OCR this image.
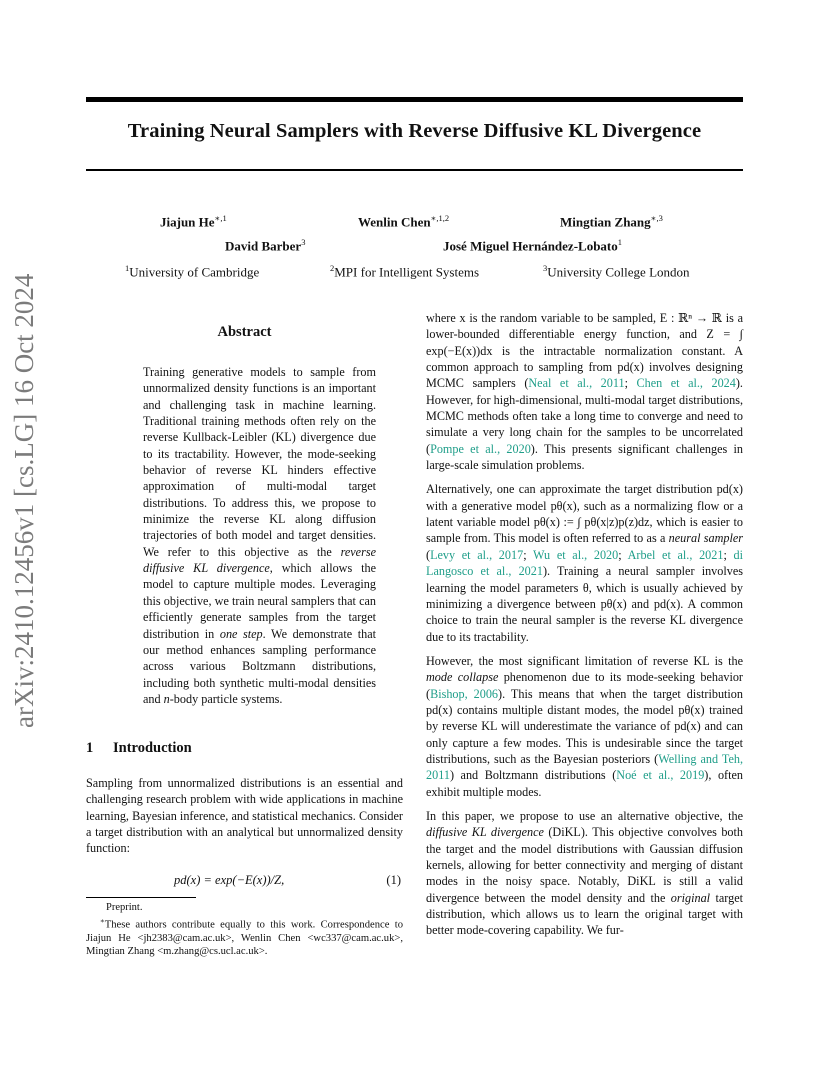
Training Neural Samplers with Reverse Diffusive KL Divergence
Jiajun $He^{∗,1}$	Wenlin Chen$^{∗,1,2}$	Mingtian Zhang$^{∗,3}$
David Barber$^3$	José Miguel Hernández-Lobato$^1$
$^1$University of Cambridge	$^2$MPI for Intelligent Systems	$^3$University College London
arXiv:2410.12456v1 [cs.LG] 16 Oct 2024	Abstract

Training generative models to sample from unnormalized density functions is an important and challenging task in machine learning. Traditional training methods often rely on the reverse Kullback-Leibler (KL) divergence due to its tractability. However, the mode-seeking behavior of reverse KL hinders effective approximation of multi-modal target distributions. To address this, we propose to minimize the reverse KL along diffusion trajectories of both model and target densities. We refer to this objective as the reverse diffusive KL divergence, which allows the model to capture multiple modes. Leveraging this objective, we train neural samplers that can efficiently generate samples from the target distribution in one step. We demonstrate that our method enhances sampling performance across various Boltzmann distributions, including both synthetic multi-modal densities and n-body particle systems.

1 Introduction

Sampling from unnormalized distributions is an essential and challenging research problem with wide applications in machine learning, Bayesian inference, and statistical mechanics. Consider a target distribution with an analytical but unnormalized density function:

pd(x) = exp(−E(x))/Z,	(1)
Preprint.

∗These authors contribute equally to this work. Correspondence to Jiajun He <jh2383@cam.ac.uk>, Wenlin Chen <wc337@cam.ac.uk>, Mingtian Zhang <m.zhang@cs.ucl.ac.uk>.

where x is the random variable to be sampled, E : ℝⁿ → ℝ is a lower-bounded differentiable energy function, and Z = ∫ exp(−E(x))dx is the intractable normalization constant. A common approach to sampling from pd(x) involves designing MCMC samplers (Neal et al., 2011; Chen et al., 2024). However, for high-dimensional, multi-modal target distributions, MCMC methods often take a long time to converge and need to simulate a very long chain for the samples to be uncorrelated (Pompe et al., 2020). This presents significant challenges in large-scale simulation problems.

Alternatively, one can approximate the target distribution pd(x) with a generative model pθ(x), such as a normalizing flow or a latent variable model pθ(x) := ∫ pθ(x|z)p(z)dz, which is easier to sample from. This model is often referred to as a neural sampler (Levy et al., 2017; Wu et al., 2020; Arbel et al., 2021; di Langosco et al., 2021). Training a neural sampler involves learning the model parameters θ, which is usually achieved by minimizing a divergence between pθ(x) and pd(x). A common choice to train the neural sampler is the reverse KL divergence due to its tractability.

However, the most significant limitation of reverse KL is the mode collapse phenomenon due to its mode-seeking behavior (Bishop, 2006). This means that when the target distribution pd(x) contains multiple distant modes, the model pθ(x) trained by reverse KL will underestimate the variance of pd(x) and can only capture a few modes. This is undesirable since the target distributions, such as the Bayesian posteriors (Welling and Teh, 2011) and Boltzmann distributions (Noé et al., 2019), often exhibit multiple modes.

In this paper, we propose to use an alternative objective, the diffusive KL divergence (DiKL). This objective convolves both the target and the model distributions with Gaussian diffusion kernels, allowing for better connectivity and merging of distant modes in the noisy space. Notably, DiKL is still a valid divergence between the model density and the original target distribution, which allows us to learn the original target with better mode-covering capability. We fur-
